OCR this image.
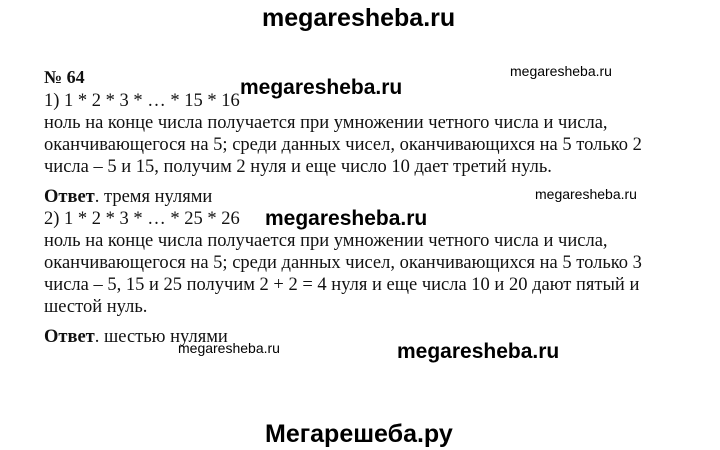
megaresheba.ru
№ 64
1) 1 * 2 * 3 * … * 15 * 16
ноль на конце числа получается при умножении четного числа и числа,
оканчивающегося на 5; среди данных чисел, оканчивающихся на 5 только 2
числа – 5 и 15, получим 2 нуля и еще число 10 дает третий нуль.
Ответ. тремя нулями
2) 1 * 2 * 3 * … * 25 * 26
ноль на конце числа получается при умножении четного числа и числа,
оканчивающегося на 5; среди данных чисел, оканчивающихся на 5 только 3
числа – 5, 15 и 25 получим 2 + 2 = 4 нуля и еще числа 10 и 20 дают пятый и
шестой нуль.
Ответ. шестью нулями
megaresheba.ru
megaresheba.ru
megaresheba.ru
megaresheba.ru
megaresheba.ru	megaresheba.ru
Мегарешеба.ру
